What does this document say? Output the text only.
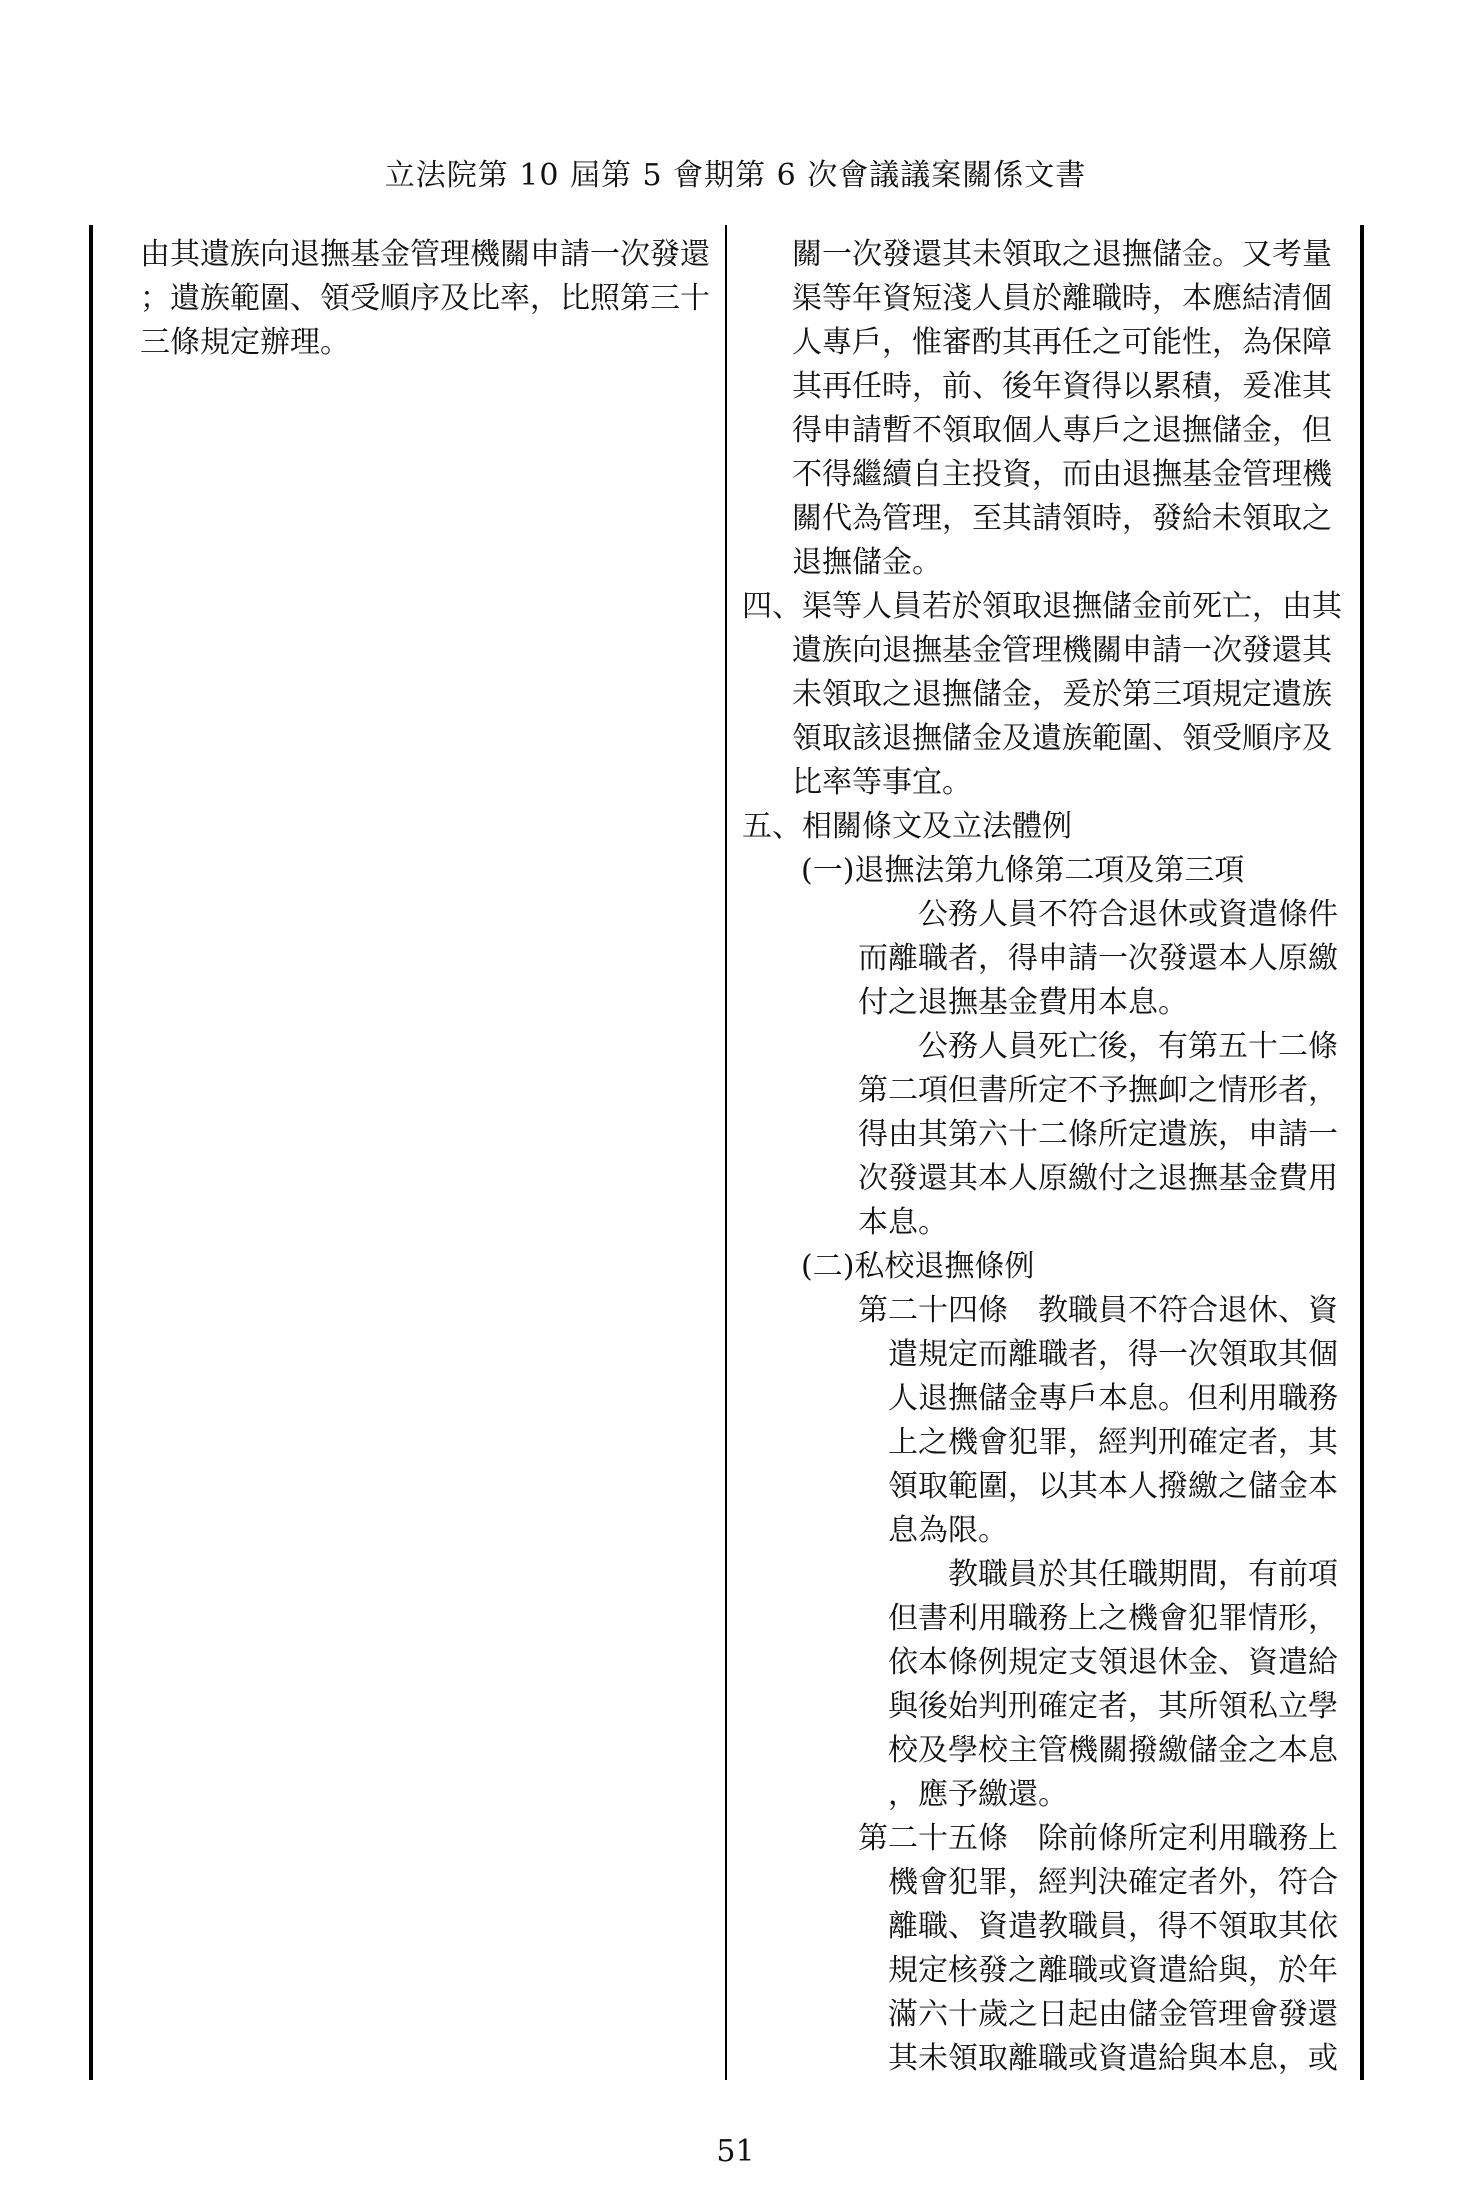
立法院第 10 屆第 5 會期第 6 次會議議案關係文書
由其遺族向退撫基金管理機關申請一次發還
；遺族範圍、領受順序及比率，比照第三十
三條規定辦理。
關一次發還其未領取之退撫儲金。又考量
渠等年資短淺人員於離職時，本應結清個
人專戶，惟審酌其再任之可能性，為保障
其再任時，前、後年資得以累積，爰准其
得申請暫不領取個人專戶之退撫儲金，但
不得繼續自主投資，而由退撫基金管理機
關代為管理，至其請領時，發給未領取之
退撫儲金。
四、渠等人員若於領取退撫儲金前死亡，由其
遺族向退撫基金管理機關申請一次發還其
未領取之退撫儲金，爰於第三項規定遺族
領取該退撫儲金及遺族範圍、領受順序及
比率等事宜。
五、相關條文及立法體例
(一)退撫法第九條第二項及第三項
公務人員不符合退休或資遣條件
而離職者，得申請一次發還本人原繳
付之退撫基金費用本息。
公務人員死亡後，有第五十二條
第二項但書所定不予撫卹之情形者，
得由其第六十二條所定遺族，申請一
次發還其本人原繳付之退撫基金費用
本息。
(二)私校退撫條例
第二十四條　教職員不符合退休、資
遣規定而離職者，得一次領取其個
人退撫儲金專戶本息。但利用職務
上之機會犯罪，經判刑確定者，其
領取範圍，以其本人撥繳之儲金本
息為限。
教職員於其任職期間，有前項
但書利用職務上之機會犯罪情形，
依本條例規定支領退休金、資遣給
與後始判刑確定者，其所領私立學
校及學校主管機關撥繳儲金之本息
，應予繳還。
第二十五條　除前條所定利用職務上
機會犯罪，經判決確定者外，符合
離職、資遣教職員，得不領取其依
規定核發之離職或資遣給與，於年
滿六十歲之日起由儲金管理會發還
其未領取離職或資遣給與本息，或
51
